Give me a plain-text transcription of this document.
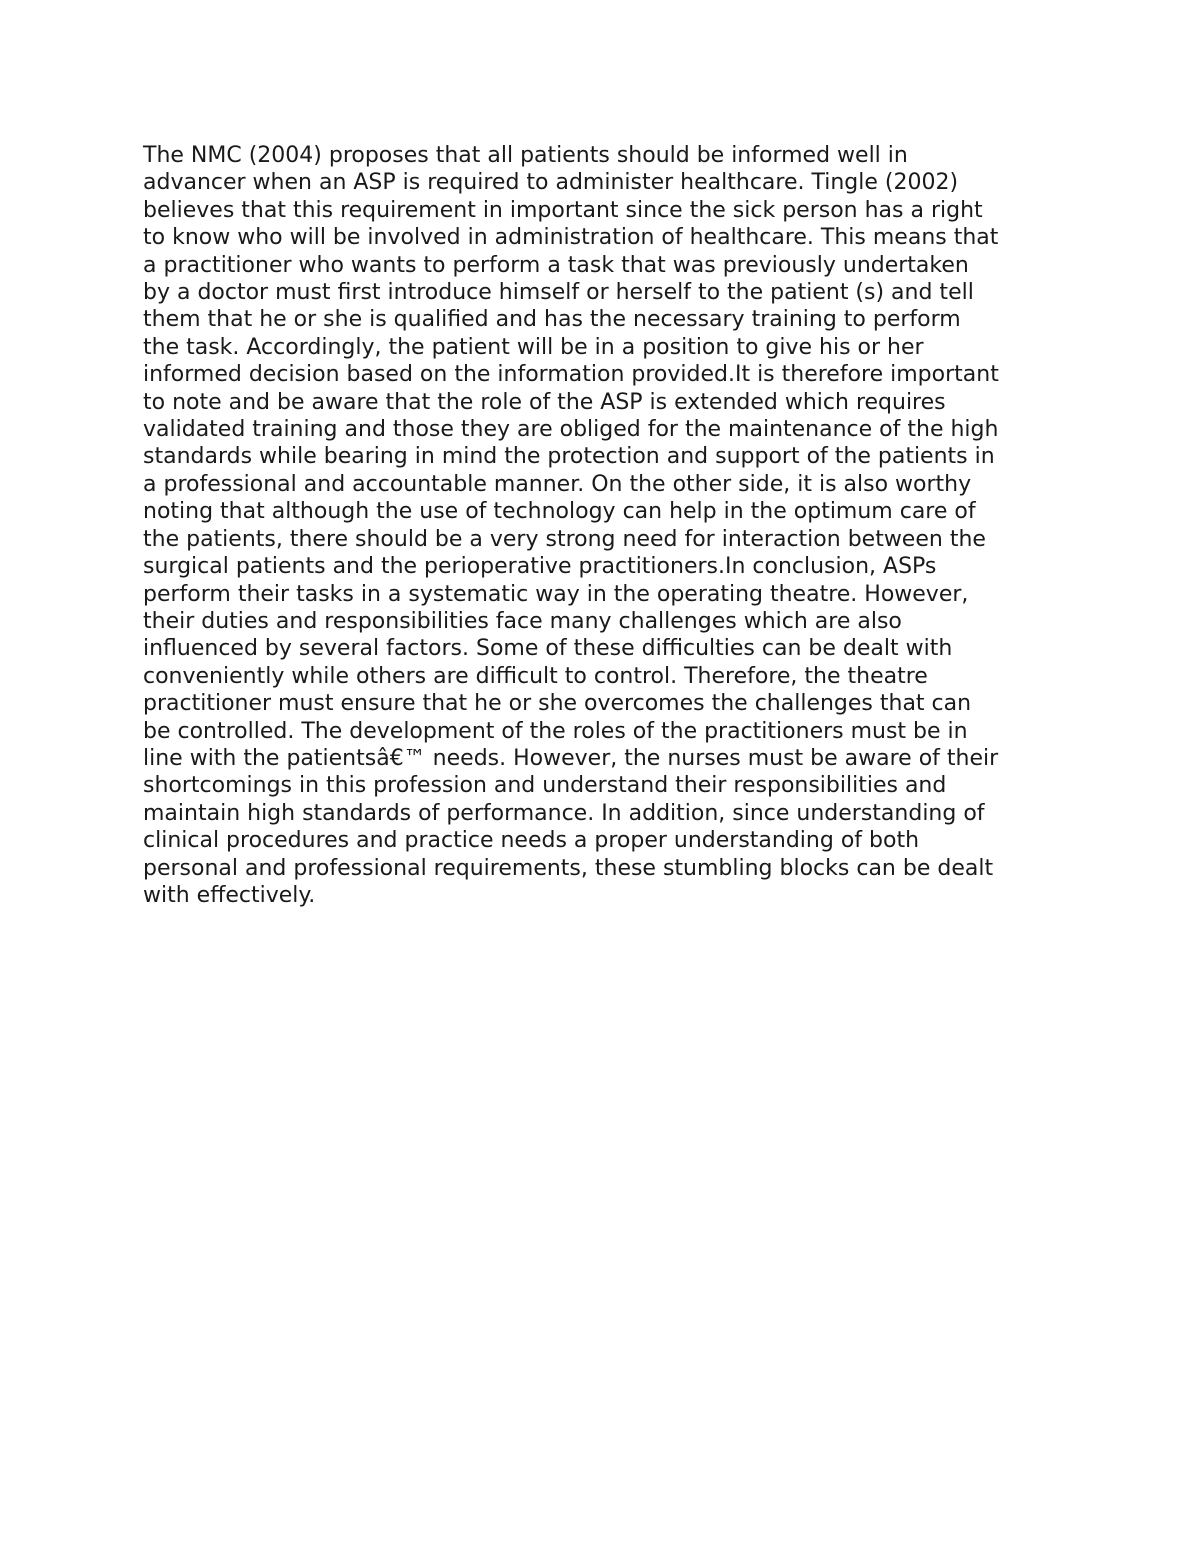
The NMC (2004) proposes that all patients should be informed well in
advancer when an ASP is required to administer healthcare. Tingle (2002)
believes that this requirement in important since the sick person has a right
to know who will be involved in administration of healthcare. This means that
a practitioner who wants to perform a task that was previously undertaken
by a doctor must first introduce himself or herself to the patient (s) and tell
them that he or she is qualified and has the necessary training to perform
the task. Accordingly, the patient will be in a position to give his or her
informed decision based on the information provided.It is therefore important
to note and be aware that the role of the ASP is extended which requires
validated training and those they are obliged for the maintenance of the high
standards while bearing in mind the protection and support of the patients in
a professional and accountable manner. On the other side, it is also worthy
noting that although the use of technology can help in the optimum care of
the patients, there should be a very strong need for interaction between the
surgical patients and the perioperative practitioners.In conclusion, ASPs
perform their tasks in a systematic way in the operating theatre. However,
their duties and responsibilities face many challenges which are also
influenced by several factors. Some of these difficulties can be dealt with
conveniently while others are difficult to control. Therefore, the theatre
practitioner must ensure that he or she overcomes the challenges that can
be controlled. The development of the roles of the practitioners must be in
line with the patientsâ€™ needs. However, the nurses must be aware of their
shortcomings in this profession and understand their responsibilities and
maintain high standards of performance. In addition, since understanding of
clinical procedures and practice needs a proper understanding of both
personal and professional requirements, these stumbling blocks can be dealt
with effectively.
